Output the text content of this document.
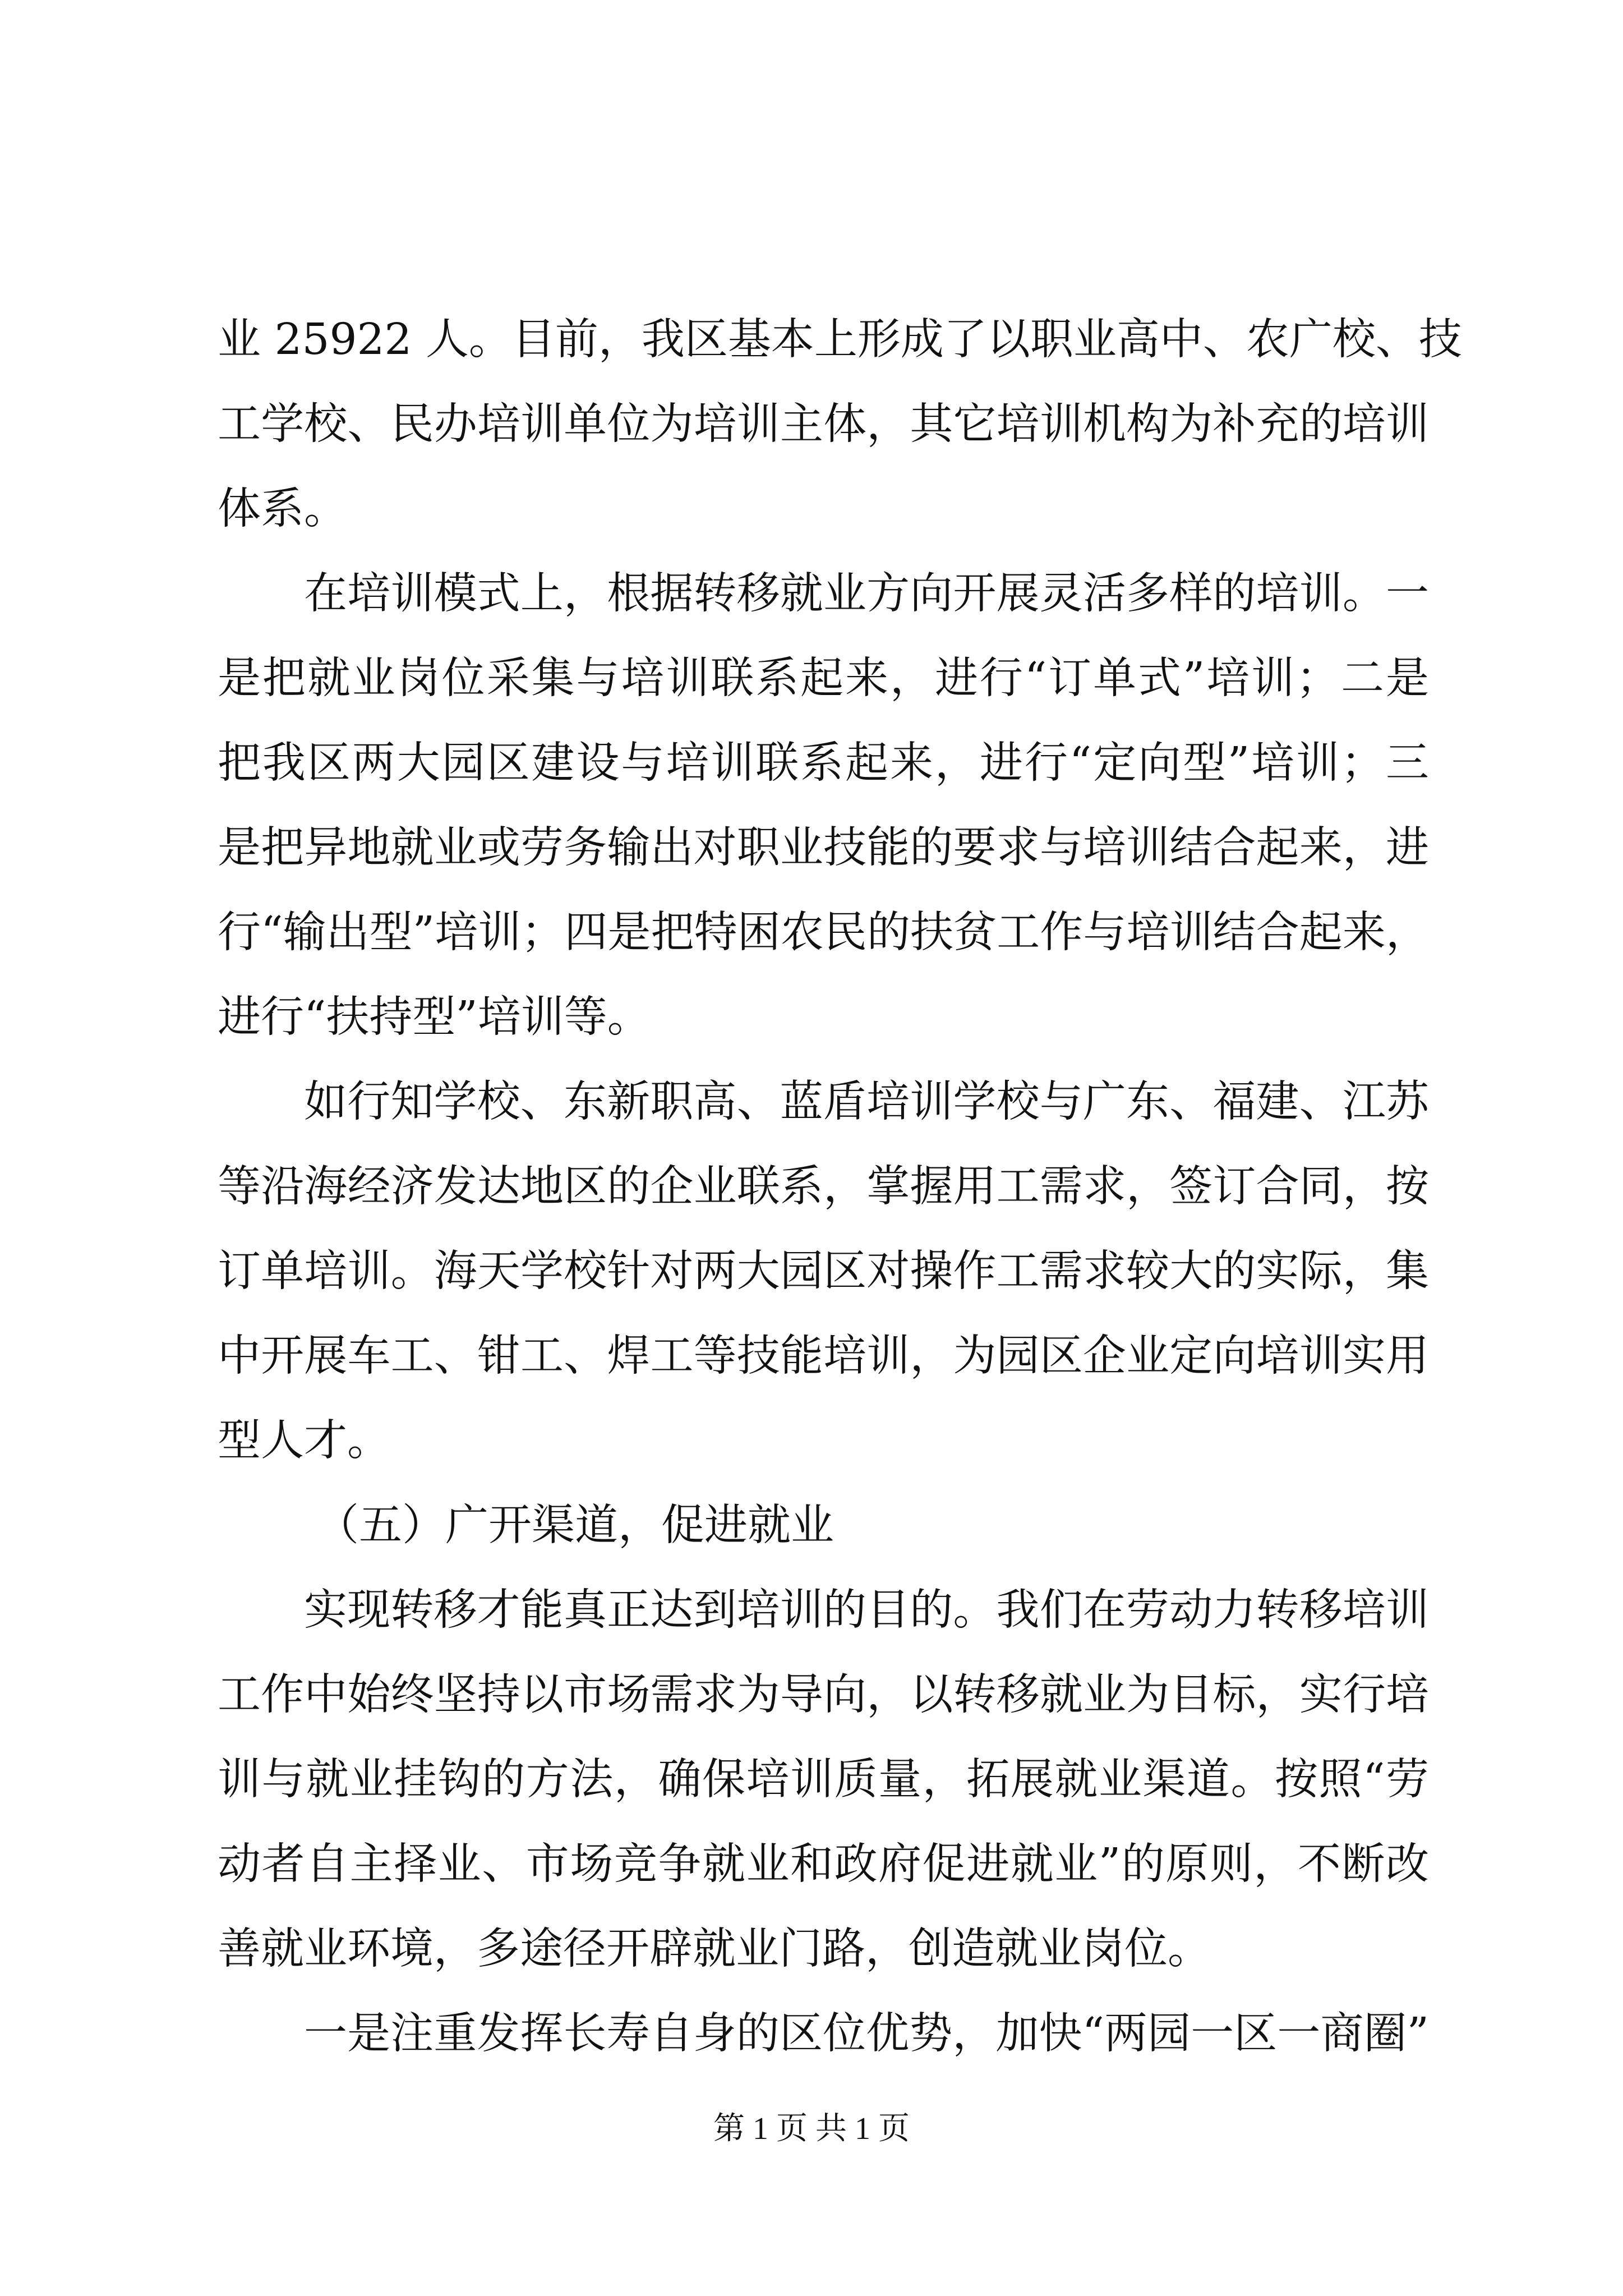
业 25922 人。目前，我区基本上形成了以职业高中、农广校、技
工学校、民办培训单位为培训主体，其它培训机构为补充的培训
体系。
在培训模式上，根据转移就业方向开展灵活多样的培训。一
是把就业岗位采集与培训联系起来，进行“订单式”培训；二是
把我区两大园区建设与培训联系起来，进行“定向型”培训；三
是把异地就业或劳务输出对职业技能的要求与培训结合起来，进
行“输出型”培训；四是把特困农民的扶贫工作与培训结合起来，
进行“扶持型”培训等。
如行知学校、东新职高、蓝盾培训学校与广东、福建、江苏
等沿海经济发达地区的企业联系，掌握用工需求，签订合同，按
订单培训。海天学校针对两大园区对操作工需求较大的实际，集
中开展车工、钳工、焊工等技能培训，为园区企业定向培训实用
型人才。
（五）广开渠道，促进就业
实现转移才能真正达到培训的目的。我们在劳动力转移培训
工作中始终坚持以市场需求为导向，以转移就业为目标，实行培
训与就业挂钩的方法，确保培训质量，拓展就业渠道。按照“劳
动者自主择业、市场竞争就业和政府促进就业”的原则，不断改
善就业环境，多途径开辟就业门路，创造就业岗位。
一是注重发挥长寿自身的区位优势，加快“两园一区一商圈”
第 1 页 共 1 页
